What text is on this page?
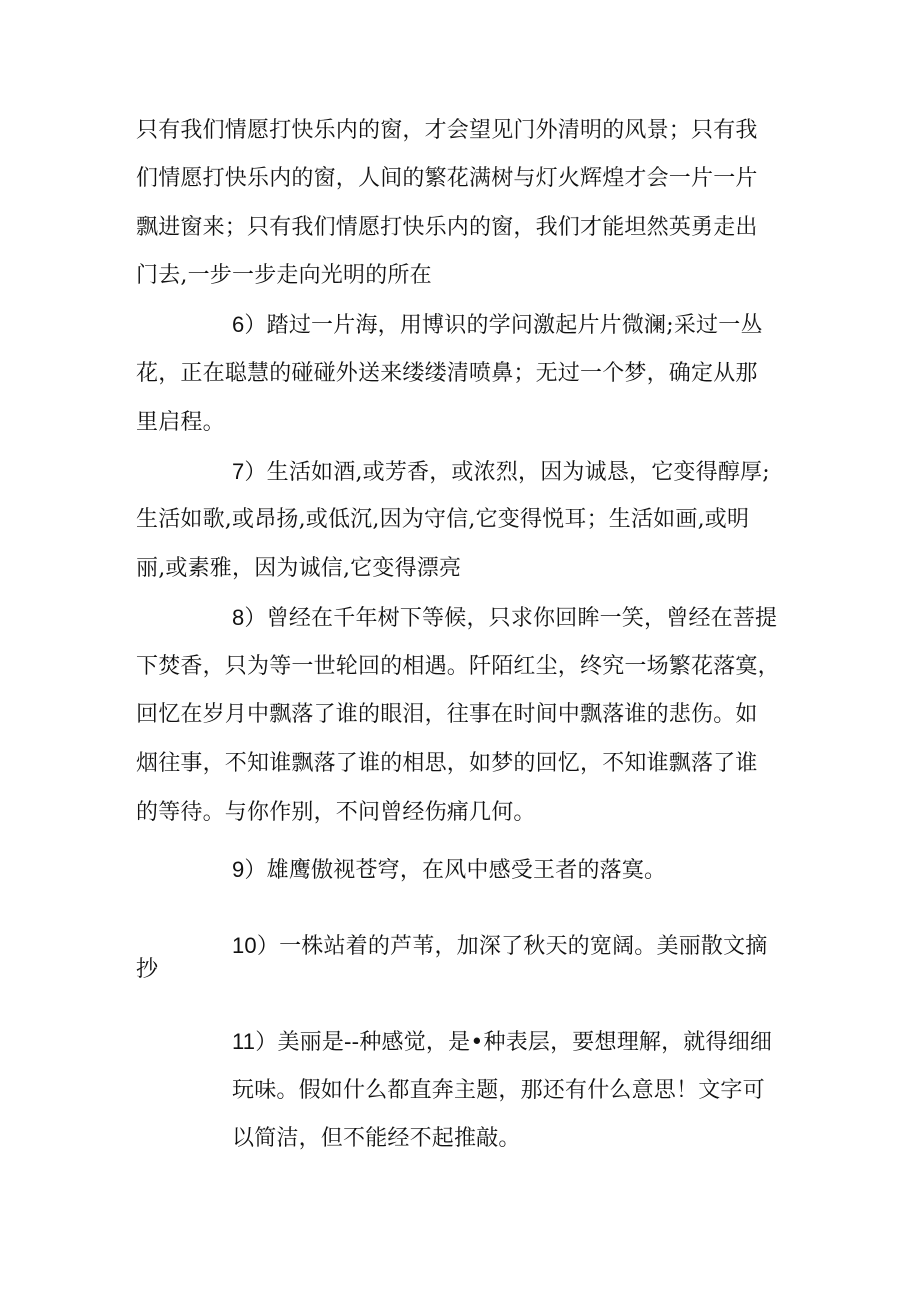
只有我们情愿打快乐内的窗，才会望见门外清明的风景；只有我
们情愿打快乐内的窗，人间的繁花满树与灯火辉煌才会一片一片
飘进窗来；只有我们情愿打快乐内的窗，我们才能坦然英勇走出
门去,一步一步走向光明的所在
6）踏过一片海，用博识的学问激起片片微澜;采过一丛
花，正在聪慧的碰碰外送来缕缕清喷鼻；无过一个梦，确定从那
里启程。
7）生活如酒,或芳香，或浓烈，因为诚恳，它变得醇厚;
生活如歌,或昂扬,或低沉,因为守信,它变得悦耳；生活如画,或明
丽,或素雅，因为诚信,它变得漂亮
8）曾经在千年树下等候，只求你回眸一笑，曾经在菩提
下焚香，只为等一世轮回的相遇。阡陌红尘，终究一场繁花落寞，
回忆在岁月中飘落了谁的眼泪，往事在时间中飘落谁的悲伤。如
烟往事，不知谁飘落了谁的相思，如梦的回忆，不知谁飘落了谁
的等待。与你作别，不问曾经伤痛几何。
9）雄鹰傲视苍穹，在风中感受王者的落寞。
10）一株站着的芦苇，加深了秋天的宽阔。美丽散文摘
抄
11）美丽是--种感觉，是•种表层，要想理解，就得细细
玩味。假如什么都直奔主题，那还有什么意思！文字可
以简洁，但不能经不起推敲。
